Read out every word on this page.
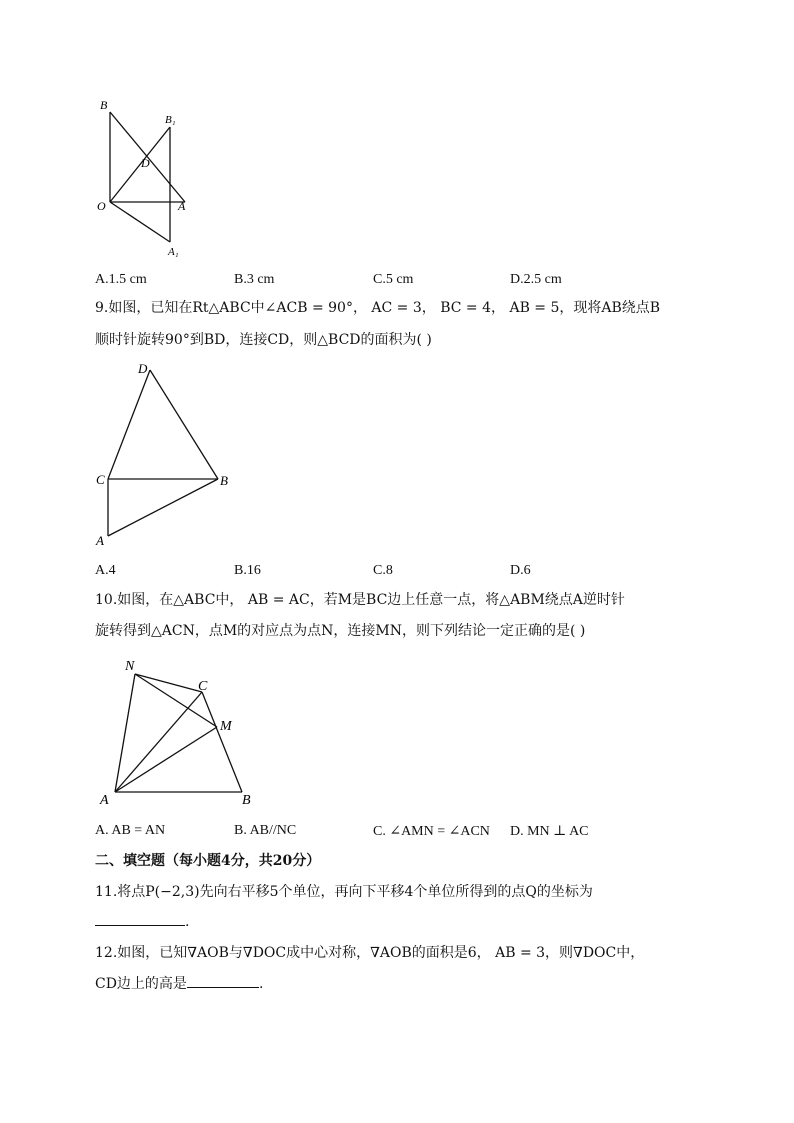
B
B₁
D
O	A
A₁
A.1.5 cm	B.3 cm	C.5 cm	D.2.5 cm
9.如图，已知在Rt△ABC中∠ACB = 90°， AC = 3， BC = 4， AB = 5，现将AB绕点B
顺时针旋转90°到BD，连接CD，则△BCD的面积为( )
D
C	B
A
A.4	B.16	C.8	D.6
10.如图，在△ABC中， AB = AC，若M是BC边上任意一点，将△ABM绕点A逆时针
旋转得到△ACN，点M的对应点为点N，连接MN，则下列结论一定正确的是( )
N
C
M
A	B
A. AB = AN	B. AB//NC	C. ∠AMN = ∠ACN D. MN ⊥ AC
二、填空题（每小题4分，共20分）
11.将点P(−2,3)先向右平移5个单位，再向下平移4个单位所得到的点Q的坐标为
.
12.如图，已知∇AOB与∇DOC成中心对称，∇AOB的面积是6， AB = 3，则∇DOC中，
CD边上的高是	.
